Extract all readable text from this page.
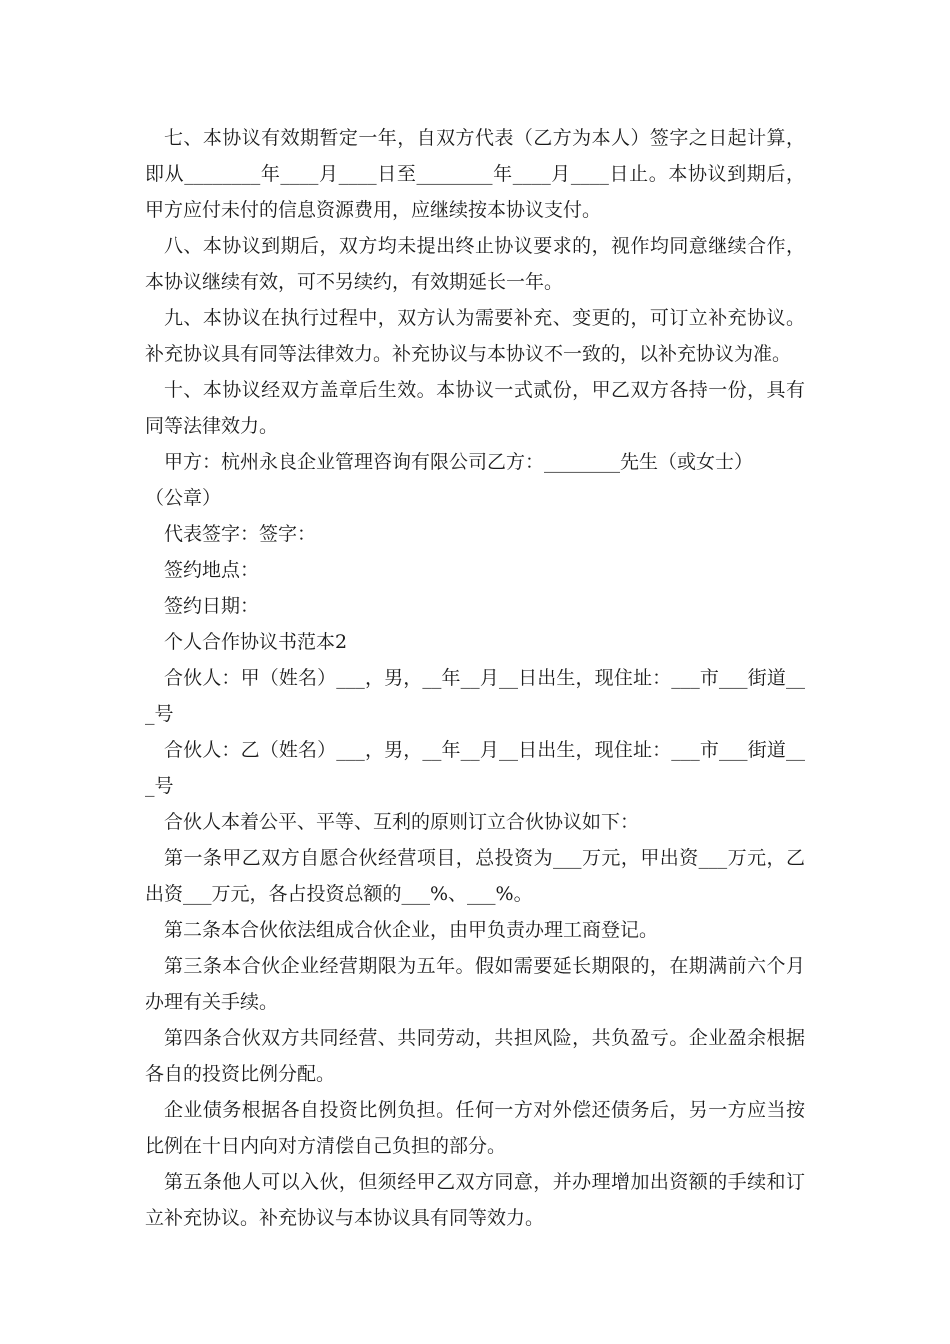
七、本协议有效期暂定一年，自双方代表（乙方为本人）签字之日起计算，即从________年____月____日至________年____月____日止。本协议到期后，甲方应付未付的信息资源费用，应继续按本协议支付。

八、本协议到期后，双方均未提出终止协议要求的，视作均同意继续合作，本协议继续有效，可不另续约，有效期延长一年。

九、本协议在执行过程中，双方认为需要补充、变更的，可订立补充协议。补充协议具有同等法律效力。补充协议与本协议不一致的，以补充协议为准。

十、本协议经双方盖章后生效。本协议一式贰份，甲乙双方各持一份，具有同等法律效力。

甲方：杭州永良企业管理咨询有限公司乙方：________先生（或女士）

（公章）

代表签字：签字：

签约地点：

签约日期：

个人合作协议书范本2

合伙人：甲（姓名）___，男，__年__月__日出生，现住址：___市___街道___号

合伙人：乙（姓名）___，男，__年__月__日出生，现住址：___市___街道___号

合伙人本着公平、平等、互利的原则订立合伙协议如下：

第一条甲乙双方自愿合伙经营项目，总投资为___万元，甲出资___万元，乙出资___万元，各占投资总额的___%、___%。

第二条本合伙依法组成合伙企业，由甲负责办理工商登记。

第三条本合伙企业经营期限为五年。假如需要延长期限的，在期满前六个月办理有关手续。

第四条合伙双方共同经营、共同劳动，共担风险，共负盈亏。企业盈余根据各自的投资比例分配。

企业债务根据各自投资比例负担。任何一方对外偿还债务后，另一方应当按比例在十日内向对方清偿自己负担的部分。

第五条他人可以入伙，但须经甲乙双方同意，并办理增加出资额的手续和订立补充协议。补充协议与本协议具有同等效力。
